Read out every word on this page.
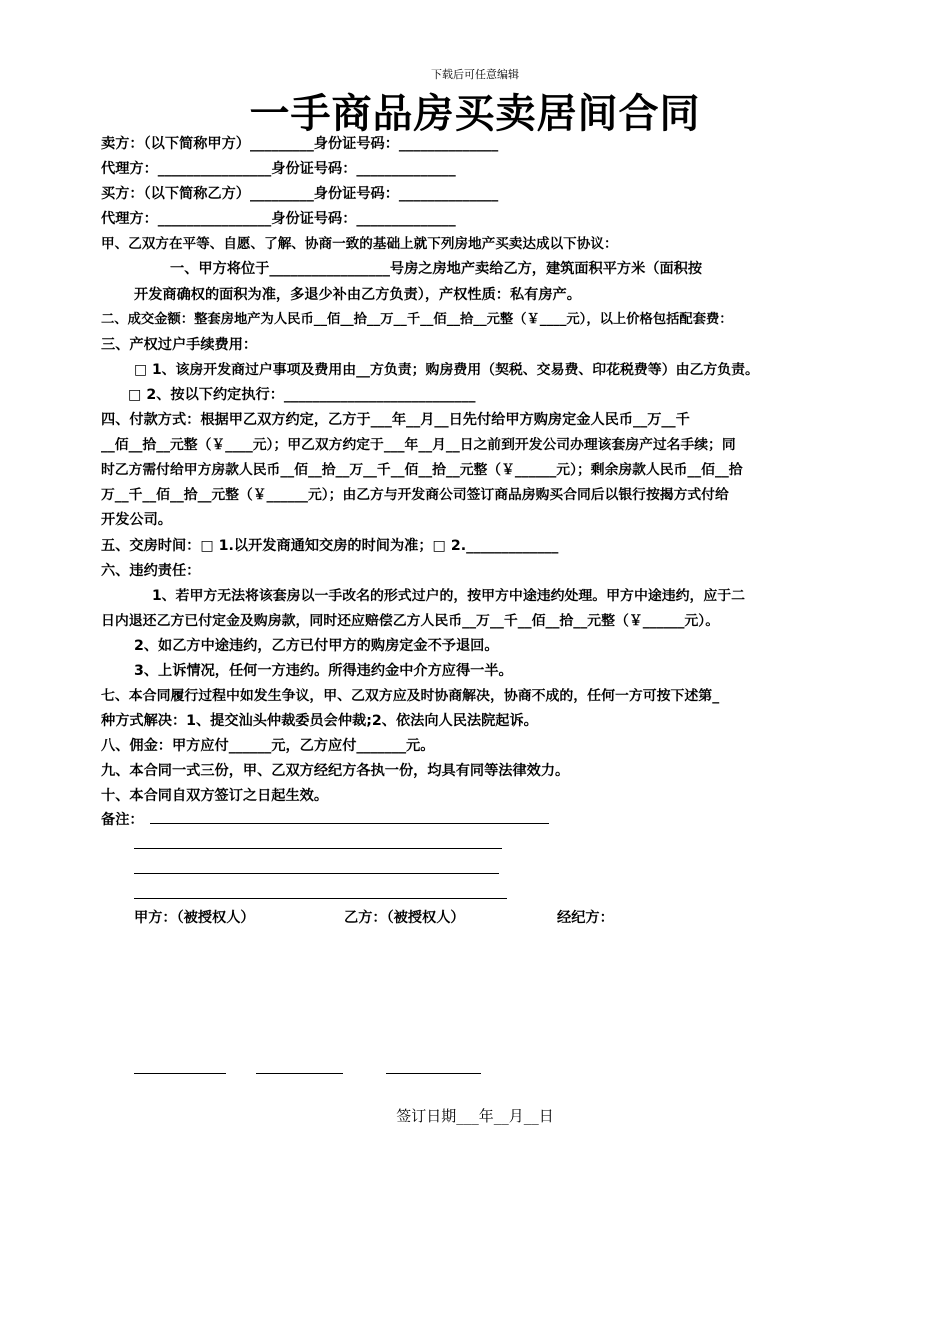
下载后可任意编辑
一手商品房买卖居间合同
卖方：（以下简称甲方）_________身份证号码：______________
代理方：________________身份证号码：______________
买方：（以下简称乙方）_________身份证号码：______________
代理方：________________身份证号码：______________
甲、乙双方在平等、自愿、了解、协商一致的基础上就下列房地产买卖达成以下协议：
一、甲方将位于_________________号房之房地产卖给乙方，建筑面积平方米（面积按
开发商确权的面积为准，多退少补由乙方负责），产权性质：私有房产。
二、成交金额：整套房地产为人民币__佰__拾__万__千__佰__拾__元整（￥____元），以上价格包括配套费：
三、产权过户手续费用：
□ 1、该房开发商过户事项及费用由__方负责；购房费用（契税、交易费、印花税费等）由乙方负责。
□ 2、按以下约定执行：___________________________
四、付款方式：根据甲乙双方约定，乙方于___年__月__日先付给甲方购房定金人民币__万__千
__佰__拾__元整（￥____元）；甲乙双方约定于___年__月__日之前到开发公司办理该套房产过名手续；同
时乙方需付给甲方房款人民币__佰__拾__万__千__佰__拾__元整（￥______元）；剩余房款人民币__佰__拾
万__千__佰__拾__元整（￥______元）；由乙方与开发商公司签订商品房购买合同后以银行按揭方式付给
开发公司。
五、交房时间：□ 1.以开发商通知交房的时间为准；□ 2._____________
六、违约责任：
1、若甲方无法将该套房以一手改名的形式过户的，按甲方中途违约处理。甲方中途违约，应于二
日内退还乙方已付定金及购房款，同时还应赔偿乙方人民币__万__千__佰__拾__元整（￥______元）。
2、如乙方中途违约，乙方已付甲方的购房定金不予退回。
3、上诉情况，任何一方违约。所得违约金中介方应得一半。
七、本合同履行过程中如发生争议，甲、乙双方应及时协商解决，协商不成的，任何一方可按下述第_
种方式解决：1、提交汕头仲裁委员会仲裁;2、依法向人民法院起诉。
八、佣金：甲方应付______元，乙方应付_______元。
九、本合同一式三份，甲、乙双方经纪方各执一份，均具有同等法律效力。
十、本合同自双方签订之日起生效。
备注：
甲方：（被授权人）	乙方：（被授权人）	经纪方：
签订日期___年__月__日
